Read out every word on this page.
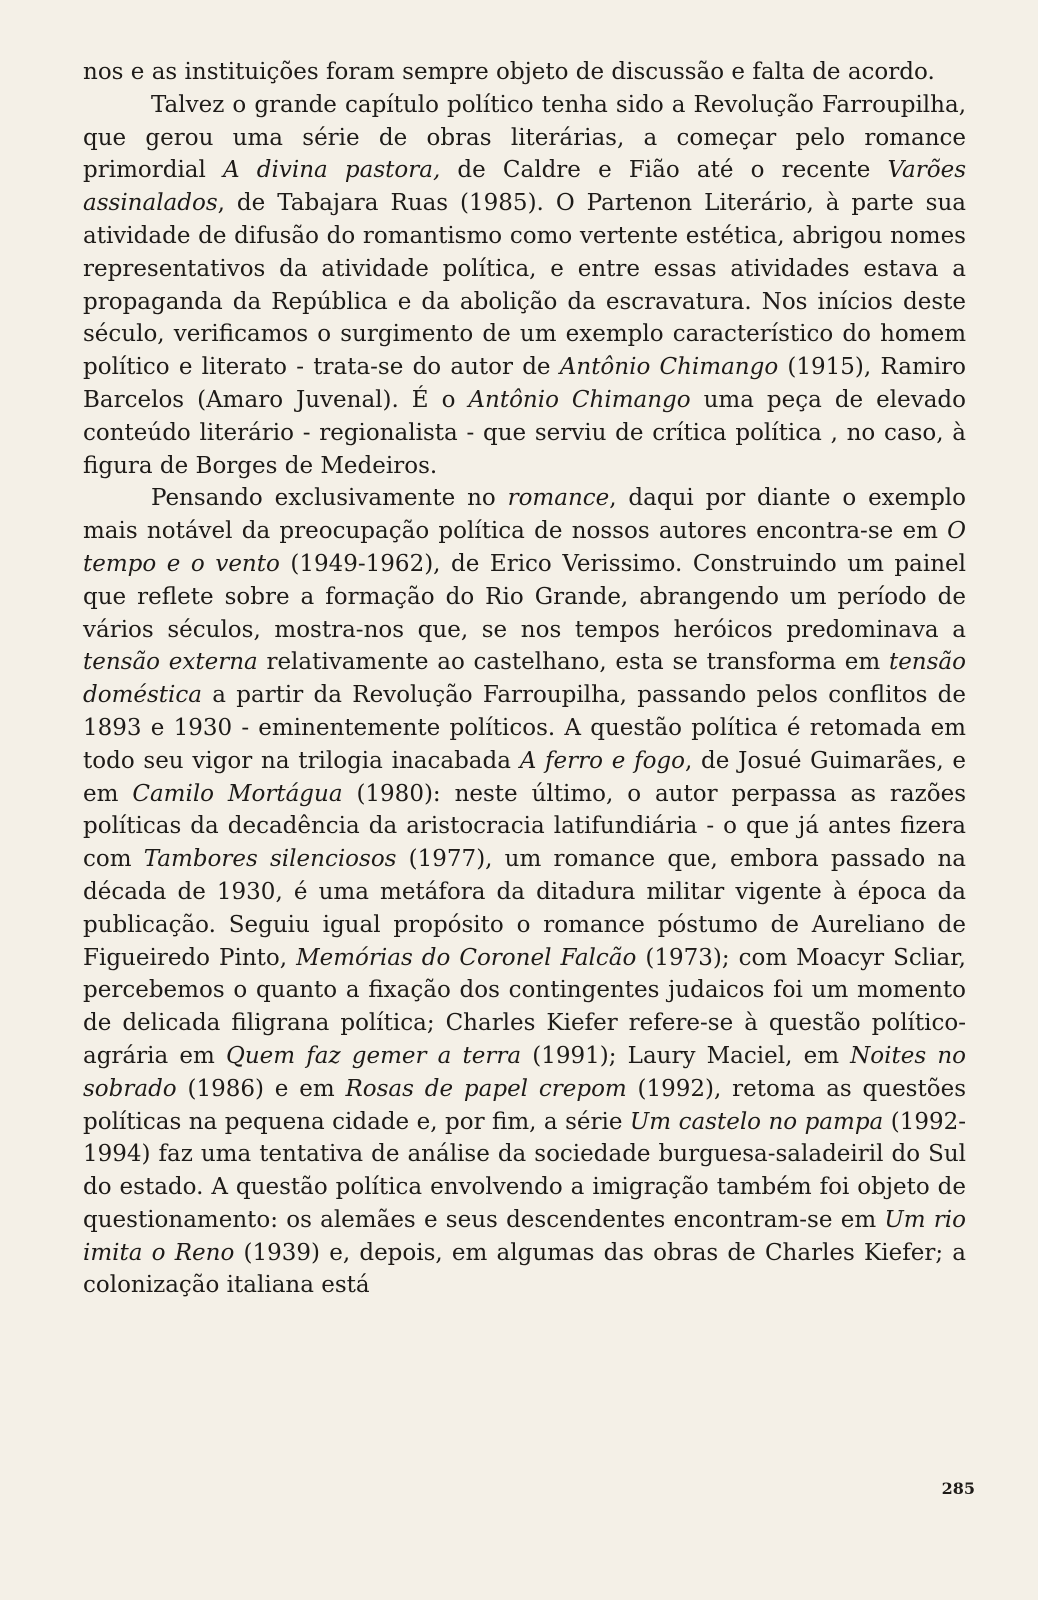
nos e as instituições foram sempre objeto de discussão e falta de acordo.

Talvez o grande capítulo político tenha sido a Revolução Farroupilha, que gerou uma série de obras literárias, a começar pelo romance primordial A divina pastora, de Caldre e Fião até o recente Varões assinalados, de Tabajara Ruas (1985). O Partenon Literário, à parte sua atividade de difusão do romantismo como vertente estética, abrigou nomes representativos da atividade política, e entre essas atividades estava a propaganda da República e da abolição da escravatura. Nos inícios deste século, verificamos o surgimento de um exemplo característico do homem político e literato - trata-se do autor de Antônio Chimango (1915), Ramiro Barcelos (Amaro Juvenal). É o Antônio Chimango uma peça de elevado conteúdo literário - regionalista - que serviu de crítica política , no caso, à figura de Borges de Medeiros.

Pensando exclusivamente no romance, daqui por diante o exemplo mais notável da preocupação política de nossos autores encontra-se em O tempo e o vento (1949-1962), de Erico Verissimo. Construindo um painel que reflete sobre a formação do Rio Grande, abrangendo um período de vários séculos, mostra-nos que, se nos tempos heróicos predominava a tensão externa relativamente ao castelhano, esta se transforma em tensão doméstica a partir da Revolução Farroupilha, passando pelos conflitos de 1893 e 1930 - eminentemente políticos. A questão política é retomada em todo seu vigor na trilogia inacabada A ferro e fogo, de Josué Guimarães, e em Camilo Mortágua (1980): neste último, o autor perpassa as razões políticas da decadência da aristocracia latifundiária - o que já antes fizera com Tambores silenciosos (1977), um romance que, embora passado na década de 1930, é uma metáfora da ditadura militar vigente à época da publicação. Seguiu igual propósito o romance póstumo de Aureliano de Figueiredo Pinto, Memórias do Coronel Falcão (1973); com Moacyr Scliar, percebemos o quanto a fixação dos contingentes judaicos foi um momento de delicada filigrana política; Charles Kiefer refere-se à questão político-agrária em Quem faz gemer a terra (1991); Laury Maciel, em Noites no sobrado (1986) e em Rosas de papel crepom (1992), retoma as questões políticas na pequena cidade e, por fim, a série Um castelo no pampa (1992-1994) faz uma tentativa de análise da sociedade burguesa-saladeiril do Sul do estado. A questão política envolvendo a imigração também foi objeto de questionamento: os alemães e seus descendentes encontram-se em Um rio imita o Reno (1939) e, depois, em algumas das obras de Charles Kiefer; a colonização italiana está

285
